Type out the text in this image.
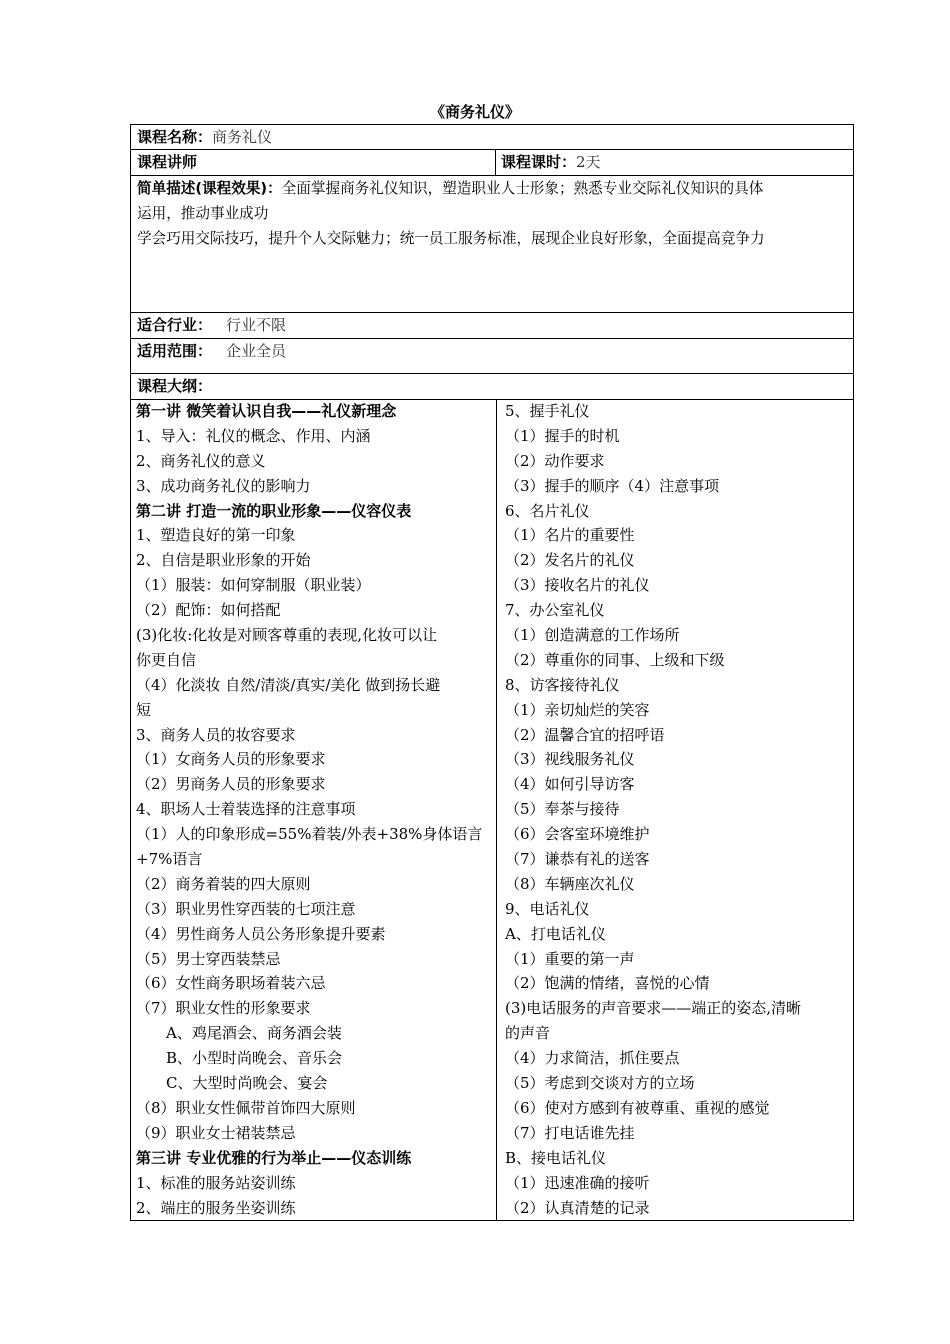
《商务礼仪》
课程名称：商务礼仪
课程讲师	课程课时：2天
简单描述(课程效果)：全面掌握商务礼仪知识，塑造职业人士形象；熟悉专业交际礼仪知识的具体
运用，推动事业成功
学会巧用交际技巧，提升个人交际魅力；统一员工服务标准，展现企业良好形象，全面提高竞争力
适合行业： 行业不限
适用范围： 企业全员
课程大纲：
第一讲 微笑着认识自我——礼仪新理念
1、导入：礼仪的概念、作用、内涵
2、商务礼仪的意义
3、成功商务礼仪的影响力
第二讲 打造一流的职业形象——仪容仪表
1、塑造良好的第一印象
2、自信是职业形象的开始
（1）服装：如何穿制服（职业装）
（2）配饰：如何搭配
(3)化妆:化妆是对顾客尊重的表现,化妆可以让
你更自信
（4）化淡妆 自然/清淡/真实/美化 做到扬长避
短
3、商务人员的妆容要求
（1）女商务人员的形象要求
（2）男商务人员的形象要求
4、职场人士着装选择的注意事项
（1）人的印象形成=55%着装/外表+38%身体语言
+7%语言
（2）商务着装的四大原则
（3）职业男性穿西装的七项注意
（4）男性商务人员公务形象提升要素
（5）男士穿西装禁忌
（6）女性商务职场着装六忌
（7）职业女性的形象要求
A、鸡尾酒会、商务酒会装
B、小型时尚晚会、音乐会
C、大型时尚晚会、宴会
（8）职业女性佩带首饰四大原则
（9）职业女士裙装禁忌
第三讲 专业优雅的行为举止——仪态训练
1、标准的服务站姿训练
2、端庄的服务坐姿训练
5、握手礼仪
（1）握手的时机
（2）动作要求
（3）握手的顺序（4）注意事项
6、名片礼仪
（1）名片的重要性
（2）发名片的礼仪
（3）接收名片的礼仪
7、办公室礼仪
（1）创造满意的工作场所
（2）尊重你的同事、上级和下级
8、访客接待礼仪
（1）亲切灿烂的笑容
（2）温馨合宜的招呼语
（3）视线服务礼仪
（4）如何引导访客
（5）奉茶与接待
（6）会客室环境维护
（7）谦恭有礼的送客
（8）车辆座次礼仪
9、电话礼仪
A、打电话礼仪
（1）重要的第一声
（2）饱满的情绪，喜悦的心情
(3)电话服务的声音要求——端正的姿态,清晰
的声音
（4）力求简洁，抓住要点
（5）考虑到交谈对方的立场
（6）使对方感到有被尊重、重视的感觉
（7）打电话谁先挂
B、接电话礼仪
（1）迅速准确的接听
（2）认真清楚的记录
